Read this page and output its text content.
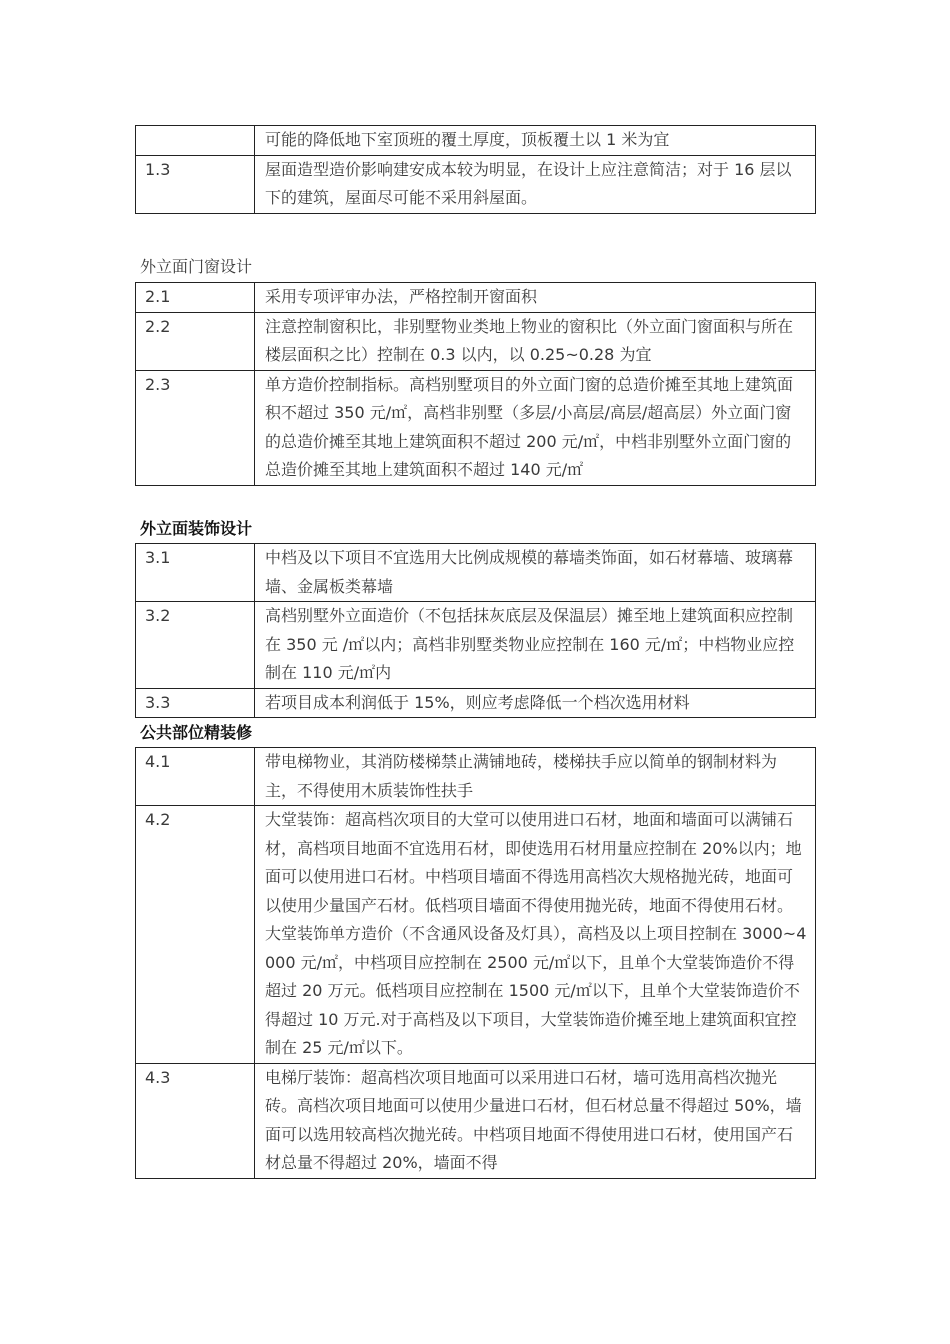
	可能的降低地下室顶班的覆土厚度，顶板覆土以 1 米为宜

1.3	屋面造型造价影响建安成本较为明显，在设计上应注意简洁；对于 16 层以下的建筑，屋面尽可能不采用斜屋面。
外立面门窗设计
2.1	采用专项评审办法，严格控制开窗面积

2.2	注意控制窗积比，非别墅物业类地上物业的窗积比（外立面门窗面积与所在楼层面积之比）控制在 0.3 以内，以 0.25~0.28 为宜

2.3	单方造价控制指标。高档别墅项目的外立面门窗的总造价摊至其地上建筑面积不超过 350 元/㎡，高档非别墅（多层/小高层/高层/超高层）外立面门窗的总造价摊至其地上建筑面积不超过 200 元/㎡，中档非别墅外立面门窗的总造价摊至其地上建筑面积不超过 140 元/㎡
外立面装饰设计
3.1	中档及以下项目不宜选用大比例成规模的幕墙类饰面，如石材幕墙、玻璃幕墙、金属板类幕墙

3.2	高档别墅外立面造价（不包括抹灰底层及保温层）摊至地上建筑面积应控制在 350 元 /㎡以内；高档非别墅类物业应控制在 160 元/㎡；中档物业应控制在 110 元/㎡内

3.3	若项目成本利润低于 15%，则应考虑降低一个档次选用材料
公共部位精装修
4.1	带电梯物业，其消防楼梯禁止满铺地砖，楼梯扶手应以简单的钢制材料为主，不得使用木质装饰性扶手

4.2	大堂装饰：超高档次项目的大堂可以使用进口石材，地面和墙面可以满铺石材，高档项目地面不宜选用石材，即使选用石材用量应控制在 20%以内；地面可以使用进口石材。中档项目墙面不得选用高档次大规格抛光砖，地面可以使用少量国产石材。低档项目墙面不得使用抛光砖，地面不得使用石材。
大堂装饰单方造价（不含通风设备及灯具），高档及以上项目控制在 3000~4000 元/㎡，中档项目应控制在 2500 元/㎡以下，且单个大堂装饰造价不得超过 20 万元。低档项目应控制在 1500 元/㎡以下，且单个大堂装饰造价不得超过 10 万元.对于高档及以下项目，大堂装饰造价摊至地上建筑面积宜控制在 25 元/㎡以下。

4.3	电梯厅装饰：超高档次项目地面可以采用进口石材，墙可选用高档次抛光砖。高档次项目地面可以使用少量进口石材，但石材总量不得超过 50%，墙面可以选用较高档次抛光砖。中档项目地面不得使用进口石材，使用国产石材总量不得超过 20%，墙面不得
